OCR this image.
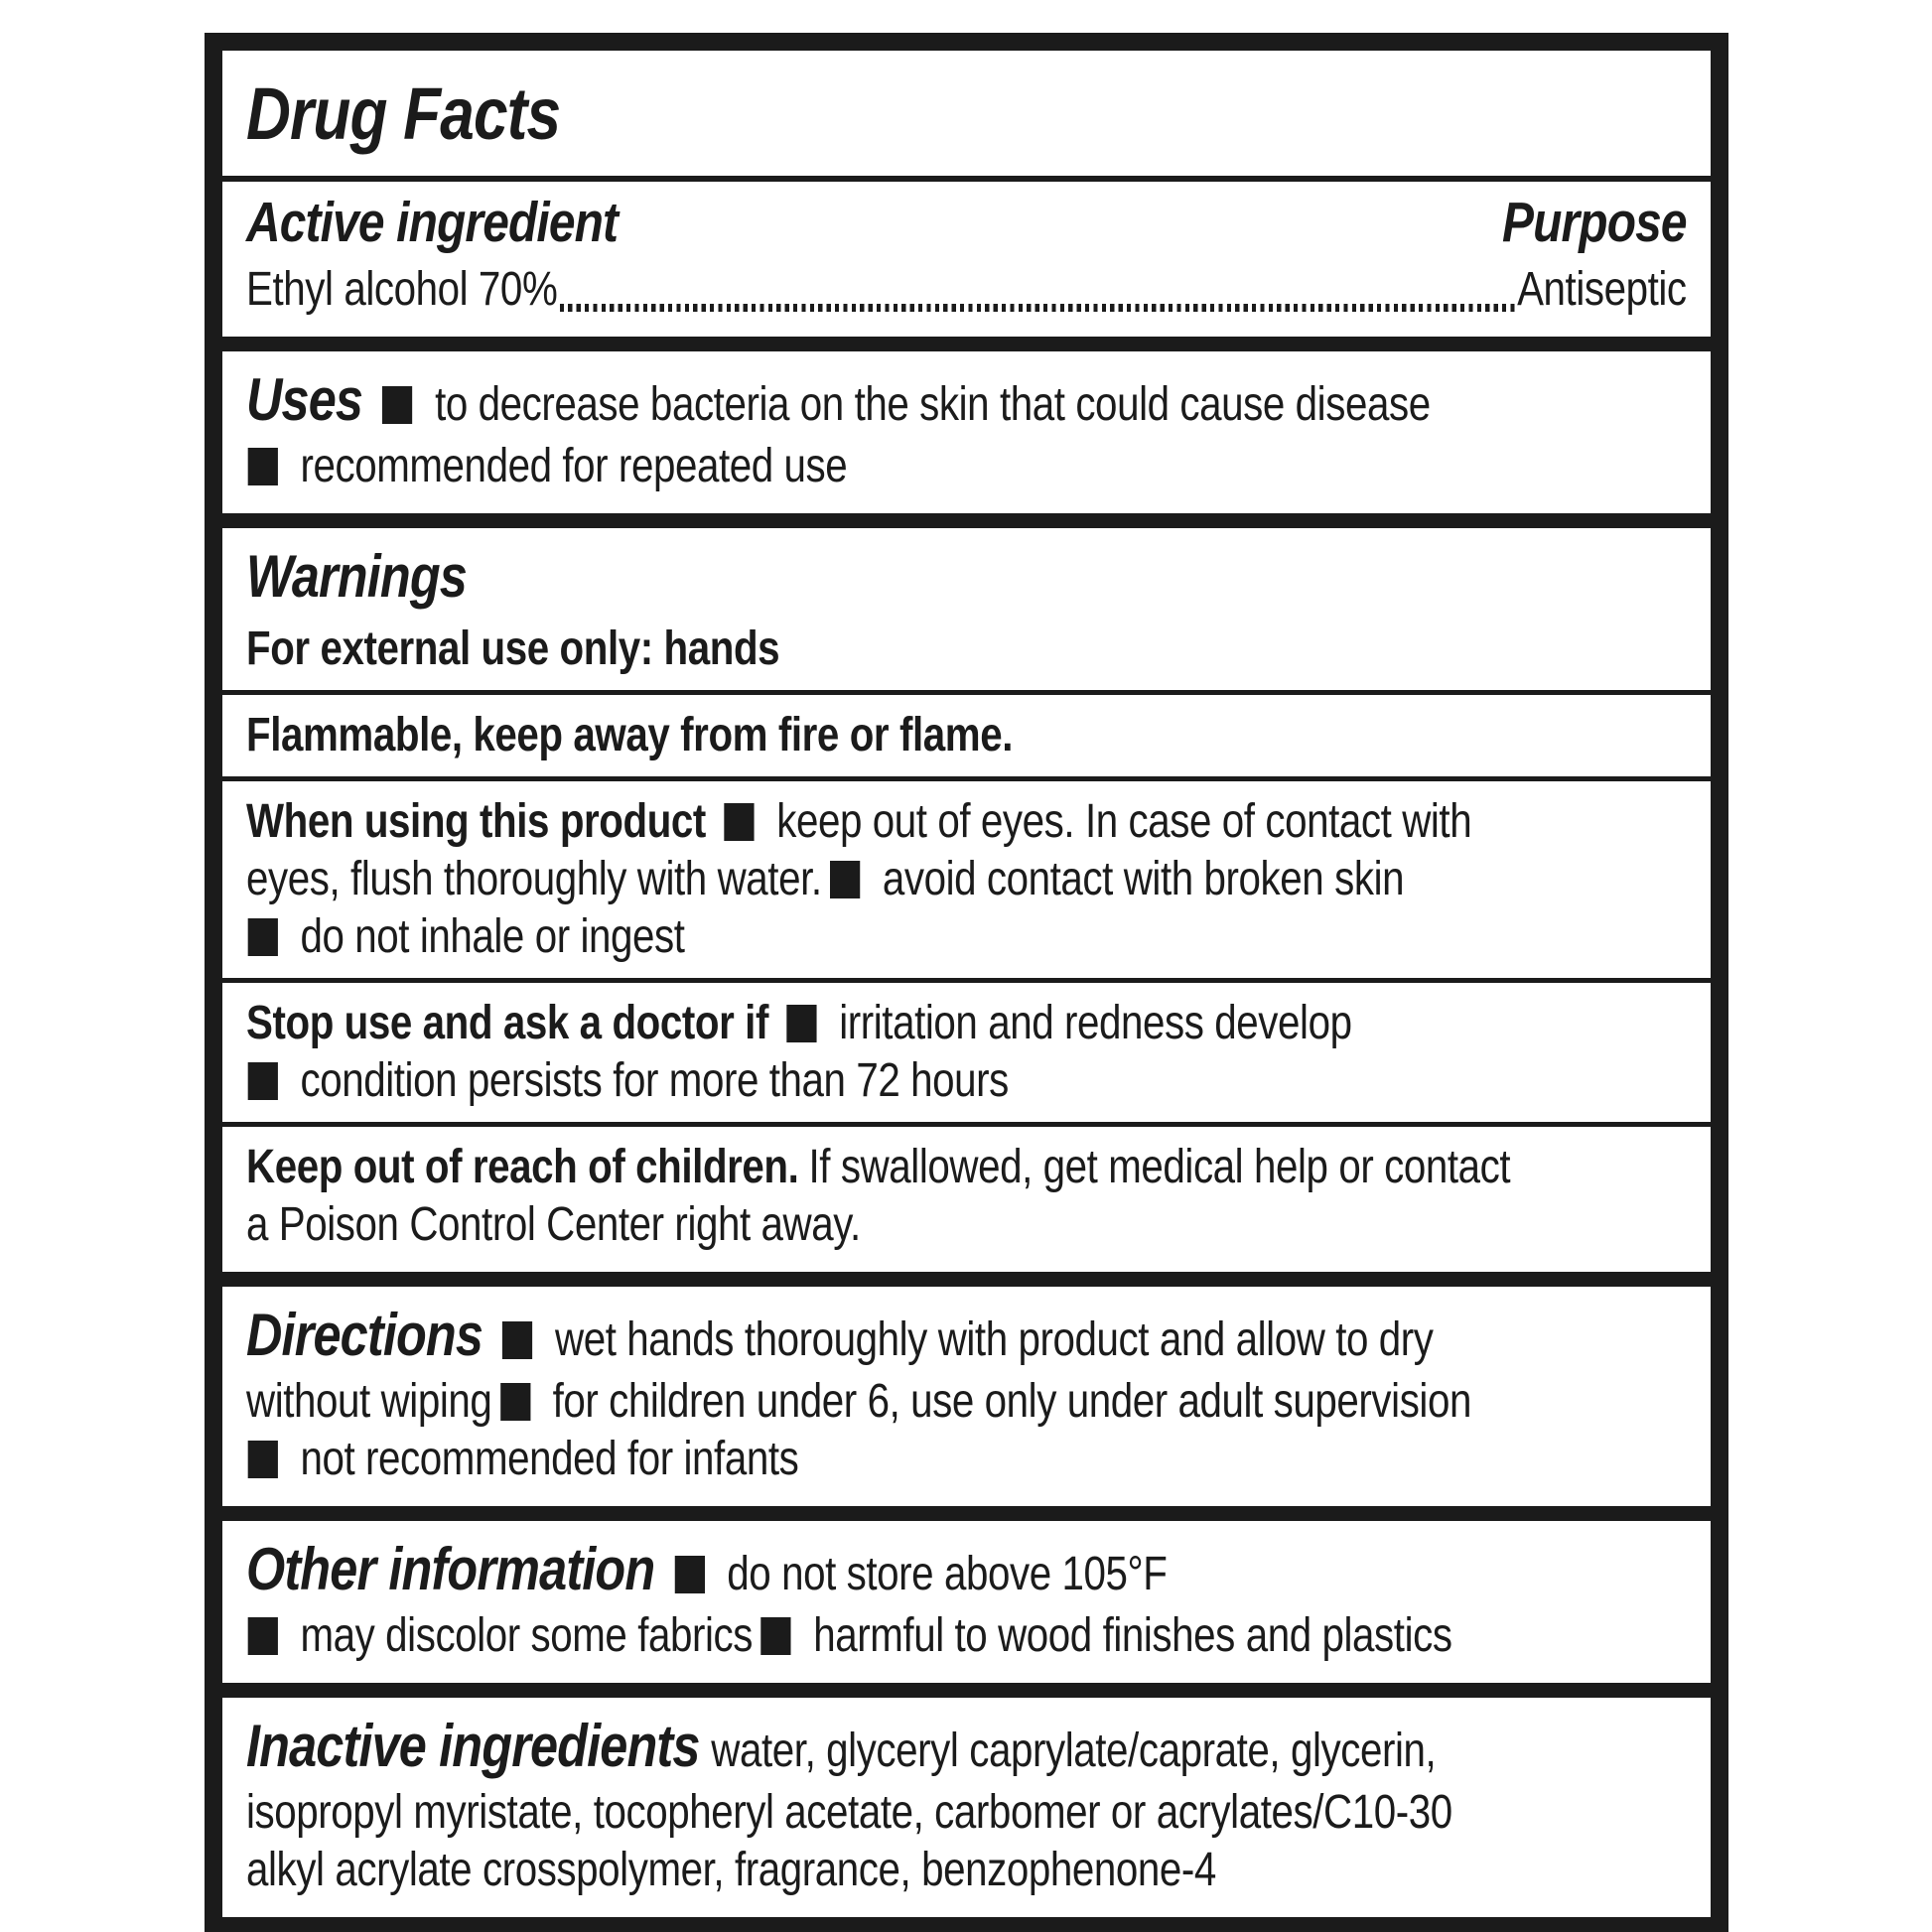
Drug Facts
Active ingredient	Purpose
Ethyl alcohol 70%	Antiseptic
Uses to decrease bacteria on the skin that could cause disease
recommended for repeated use
Warnings
For external use only: hands
Flammable, keep away from fire or flame.
When using this product keep out of eyes. In case of contact with
eyes, flush thoroughly with water. avoid contact with broken skin
do not inhale or ingest
Stop use and ask a doctor if irritation and redness develop
condition persists for more than 72 hours
Keep out of reach of children. If swallowed, get medical help or contact
a Poison Control Center right away.
Directions wet hands thoroughly with product and allow to dry
without wiping for children under 6, use only under adult supervision
not recommended for infants
Other information do not store above 105°F
may discolor some fabrics harmful to wood finishes and plastics
Inactive ingredients water, glyceryl caprylate/caprate, glycerin,
isopropyl myristate, tocopheryl acetate, carbomer or acrylates/C10-30
alkyl acrylate crosspolymer, fragrance, benzophenone-4
